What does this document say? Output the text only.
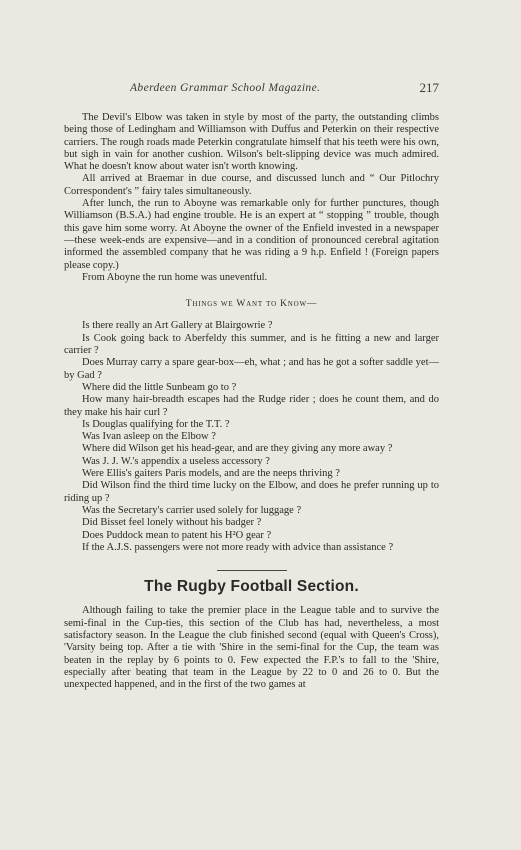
Aberdeen Grammar School Magazine.	217

The Devil's Elbow was taken in style by most of the party, the outstanding climbs being those of Ledingham and Williamson with Duffus and Peterkin on their respective carriers. The rough roads made Peterkin congratulate himself that his teeth were his own, but sigh in vain for another cushion. Wilson's belt-slipping device was much admired. What he doesn't know about water isn't worth knowing.

All arrived at Braemar in due course, and discussed lunch and “ Our Pitlochry Correspondent's ” fairy tales simultaneously.

After lunch, the run to Aboyne was remarkable only for further punctures, though Williamson (B.S.A.) had engine trouble. He is an expert at “ stopping ” trouble, though this gave him some worry. At Aboyne the owner of the Enfield invested in a newspaper—these week-ends are expensive—and in a condition of pronounced cerebral agitation informed the assembled company that he was riding a 9 h.p. Enfield ! (Foreign papers please copy.)

From Aboyne the run home was uneventful.

Things we Want to Know—

Is there really an Art Gallery at Blairgowrie ?

Is Cook going back to Aberfeldy this summer, and is he fitting a new and larger carrier ?

Does Murray carry a spare gear-box—eh, what ; and has he got a softer saddle yet—by Gad ?

Where did the little Sunbeam go to ?

How many hair-breadth escapes had the Rudge rider ; does he count them, and do they make his hair curl ?

Is Douglas qualifying for the T.T. ?

Was Ivan asleep on the Elbow ?

Where did Wilson get his head-gear, and are they giving any more away ?

Was J. J. W.'s appendix a useless accessory ?

Were Ellis's gaiters Paris models, and are the neeps thriving ?

Did Wilson find the third time lucky on the Elbow, and does he prefer running up to riding up ?

Was the Secretary's carrier used solely for luggage ?

Did Bisset feel lonely without his badger ?

Does Puddock mean to patent his H²O gear ?

If the A.J.S. passengers were not more ready with advice than assistance ?

The Rugby Football Section.

Although failing to take the premier place in the League table and to survive the semi-final in the Cup-ties, this section of the Club has had, nevertheless, a most satisfactory season. In the League the club finished second (equal with Queen's Cross), 'Varsity being top. After a tie with 'Shire in the semi-final for the Cup, the team was beaten in the replay by 6 points to 0. Few expected the F.P.'s to fall to the 'Shire, especially after beating that team in the League by 22 to 0 and 26 to 0. But the unexpected happened, and in the first of the two games at
